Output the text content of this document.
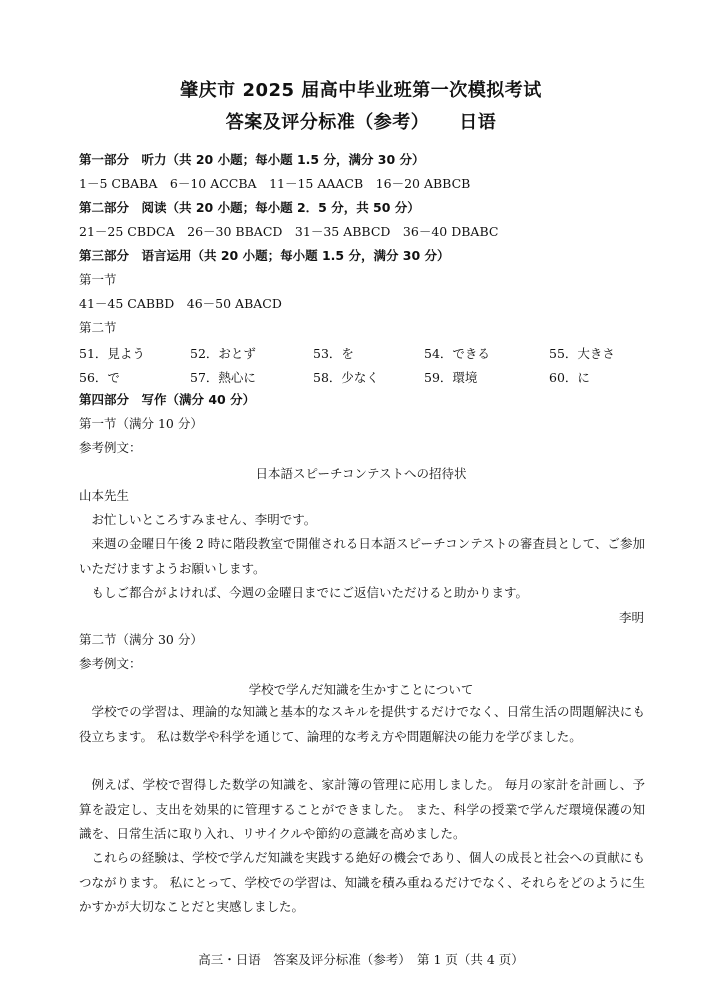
肇庆市 2025 届高中毕业班第一次模拟考试
答案及评分标准（参考） 日语
第一部分　听力（共 20 小题；每小题 1.5 分，满分 30 分）
1－5 CBABA　6－10 ACCBA　11－15 AAACB　16－20 ABBCB
第二部分　阅读（共 20 小题；每小题 2．5 分，共 50 分）
21－25 CBDCA　26－30 BBACD　31－35 ABBCD　36－40 DBABC
第三部分　语言运用（共 20 小题；每小题 1.5 分，满分 30 分）
第一节
41－45 CABBD　46－50 ABACD
第二节
51．見よう	52．おとず	53．を	54．できる	55．大きさ
56．で	57．熱心に	58．少なく	59．環境	60．に
第四部分　写作（满分 40 分）
第一节（满分 10 分）
参考例文：
日本語スピーチコンテストへの招待状
山本先生
お忙しいところすみません、李明です。
来週の金曜日午後 2 時に階段教室で開催される日本語スピーチコンテストの審査員として、ご参加いただけますようお願いします。
もしご都合がよければ、今週の金曜日までにご返信いただけると助かります。
李明
第二节（满分 30 分）
参考例文：
学校で学んだ知識を生かすことについて
学校での学習は、理論的な知識と基本的なスキルを提供するだけでなく、日常生活の問題解決にも役立ちます。 私は数学や科学を通じて、論理的な考え方や問題解決の能力を学びました。
例えば、学校で習得した数学の知識を、家計簿の管理に応用しました。 毎月の家計を計画し、予算を設定し、支出を効果的に管理することができました。 また、科学の授業で学んだ環境保護の知識を、日常生活に取り入れ、リサイクルや節約の意識を高めました。
これらの経験は、学校で学んだ知識を実践する絶好の機会であり、個人の成長と社会への貢献にもつながります。 私にとって、学校での学習は、知識を積み重ねるだけでなく、それらをどのように生かすかが大切なことだと実感しました。
高三・日语　答案及评分标准（参考）　第 1 页（共 4 页）
